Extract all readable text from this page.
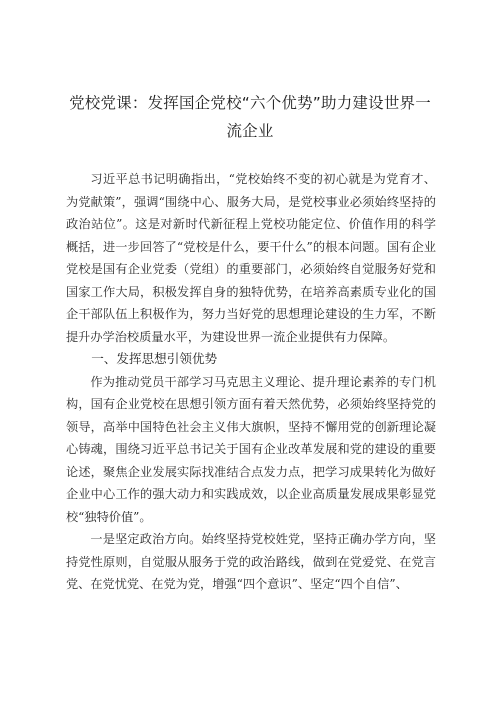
党校党课：发挥国企党校“六个优势”助力建设世界一
流企业

习近平总书记明确指出，“党校始终不变的初心就是为党育才、为党献策”，强调“围绕中心、服务大局，是党校事业必须始终坚持的政治站位”。这是对新时代新征程上党校功能定位、价值作用的科学概括，进一步回答了“党校是什么，要干什么”的根本问题。国有企业党校是国有企业党委（党组）的重要部门，必须始终自觉服务好党和国家工作大局，积极发挥自身的独特优势，在培养高素质专业化的国企干部队伍上积极作为，努力当好党的思想理论建设的生力军，不断提升办学治校质量水平，为建设世界一流企业提供有力保障。

一、发挥思想引领优势

作为推动党员干部学习马克思主义理论、提升理论素养的专门机构，国有企业党校在思想引领方面有着天然优势，必须始终坚持党的领导，高举中国特色社会主义伟大旗帜，坚持不懈用党的创新理论凝心铸魂，围绕习近平总书记关于国有企业改革发展和党的建设的重要论述，聚焦企业发展实际找准结合点发力点，把学习成果转化为做好企业中心工作的强大动力和实践成效，以企业高质量发展成果彰显党校“独特价值”。

一是坚定政治方向。始终坚持党校姓党，坚持正确办学方向，坚持党性原则，自觉服从服务于党的政治路线，做到在党爱党、在党言党、在党忧党、在党为党，增强“四个意识”、坚定“四个自信”、
